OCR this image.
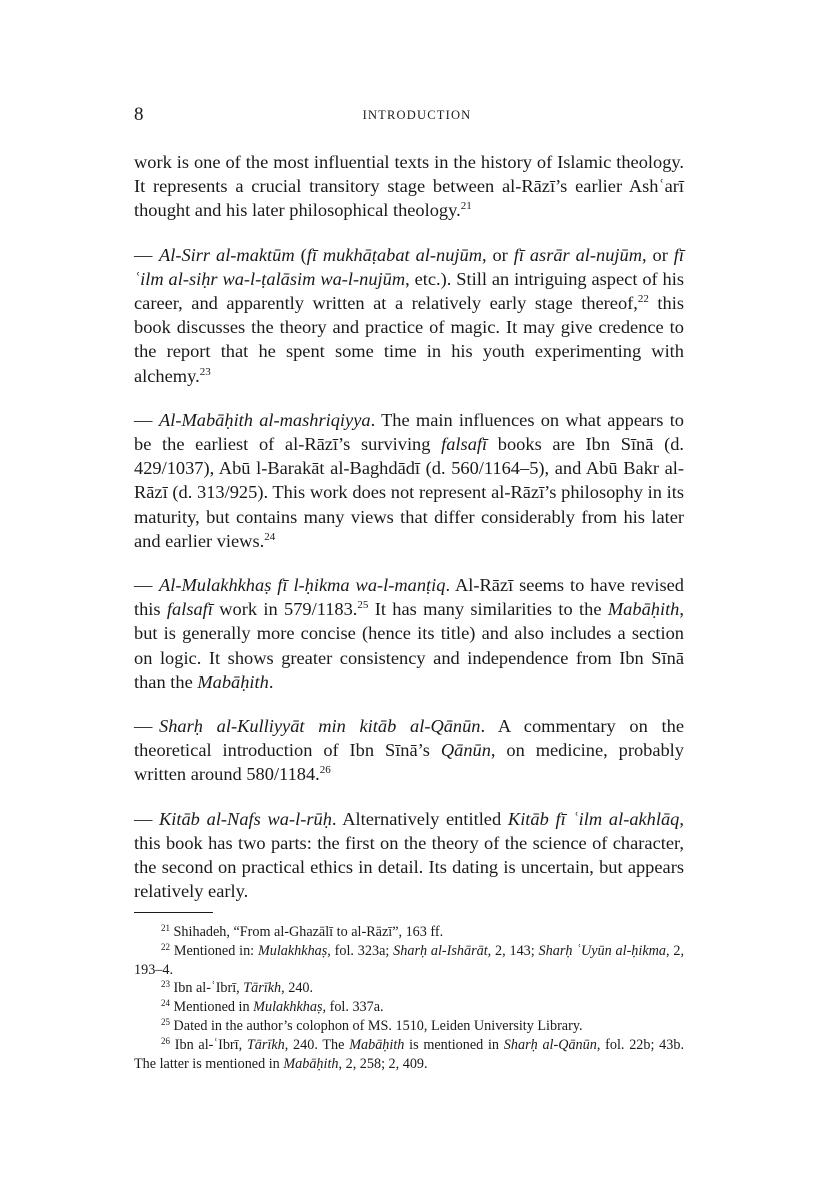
8	INTRODUCTION

work is one of the most influential texts in the history of Islamic theology. It represents a crucial transitory stage between al-Rāzī’s earlier Ashʿarī thought and his later philosophical theology.$^{21}$

— Al-Sirr al-maktūm (fī mukhāṭabat al-nujūm, or fī asrār al-nujūm, or fī ʿilm al-siḥr wa-l-ṭalāsim wa-l-nujūm, etc.). Still an intriguing aspect of his career, and apparently written at a relatively early stage thereof,$^{22}$ this book discusses the theory and practice of magic. It may give credence to the report that he spent some time in his youth experimenting with alchemy.$^{23}$

— Al-Mabāḥith al-mashriqiyya. The main influences on what appears to be the earliest of al-Rāzī’s surviving falsafī books are Ibn Sīnā (d. 429/1037), Abū l-Barakāt al-Baghdādī (d. 560/1164–5), and Abū Bakr al-Rāzī (d. 313/925). This work does not represent al-Rāzī’s philosophy in its maturity, but contains many views that differ considerably from his later and earlier views.$^{24}$

— Al-Mulakhkhaṣ fī l-ḥikma wa-l-manṭiq. Al-Rāzī seems to have revised this falsafī work in 579/1183.25 It has many similarities to the Mabāḥith, but is generally more concise (hence its title) and also includes a section on logic. It shows greater consistency and independence from Ibn Sīnā than the Mabāḥith.

— Sharḥ al-Kulliyyāt min kitāb al-Qānūn. A commentary on the theoretical introduction of Ibn Sīnā’s Qānūn, on medicine, probably written around 580/1184.26

— Kitāb al-Nafs wa-l-rūḥ. Alternatively entitled Kitāb fī ʿilm al-akhlāq, this book has two parts: the first on the theory of the science of character, the second on practical ethics in detail. Its dating is uncertain, but appears relatively early.

$^{21}$ Shihadeh, “From al-Ghazālī to al-Rāzī”, 163 ff.

$^{22}$ Mentioned in: Mulakhkhaṣ, fol. 323a; Sharḥ al-Ishārāt, 2, 143; Sharḥ ʿUyūn al-ḥikma, 2, 193–4.

$^{23}$ Ibn al-ʿIbrī, Tārīkh, 240.

$^{24}$ Mentioned in Mulakhkhaṣ, fol. 337a.

$^{25}$ Dated in the author’s colophon of MS. 1510, Leiden University Library.

$^{26}$ Ibn al-ʿIbrī, Tārīkh, 240. The Mabāḥith is mentioned in Sharḥ al-Qānūn, fol. 22b; 43b. The latter is mentioned in Mabāḥith, 2, 258; 2, 409.
